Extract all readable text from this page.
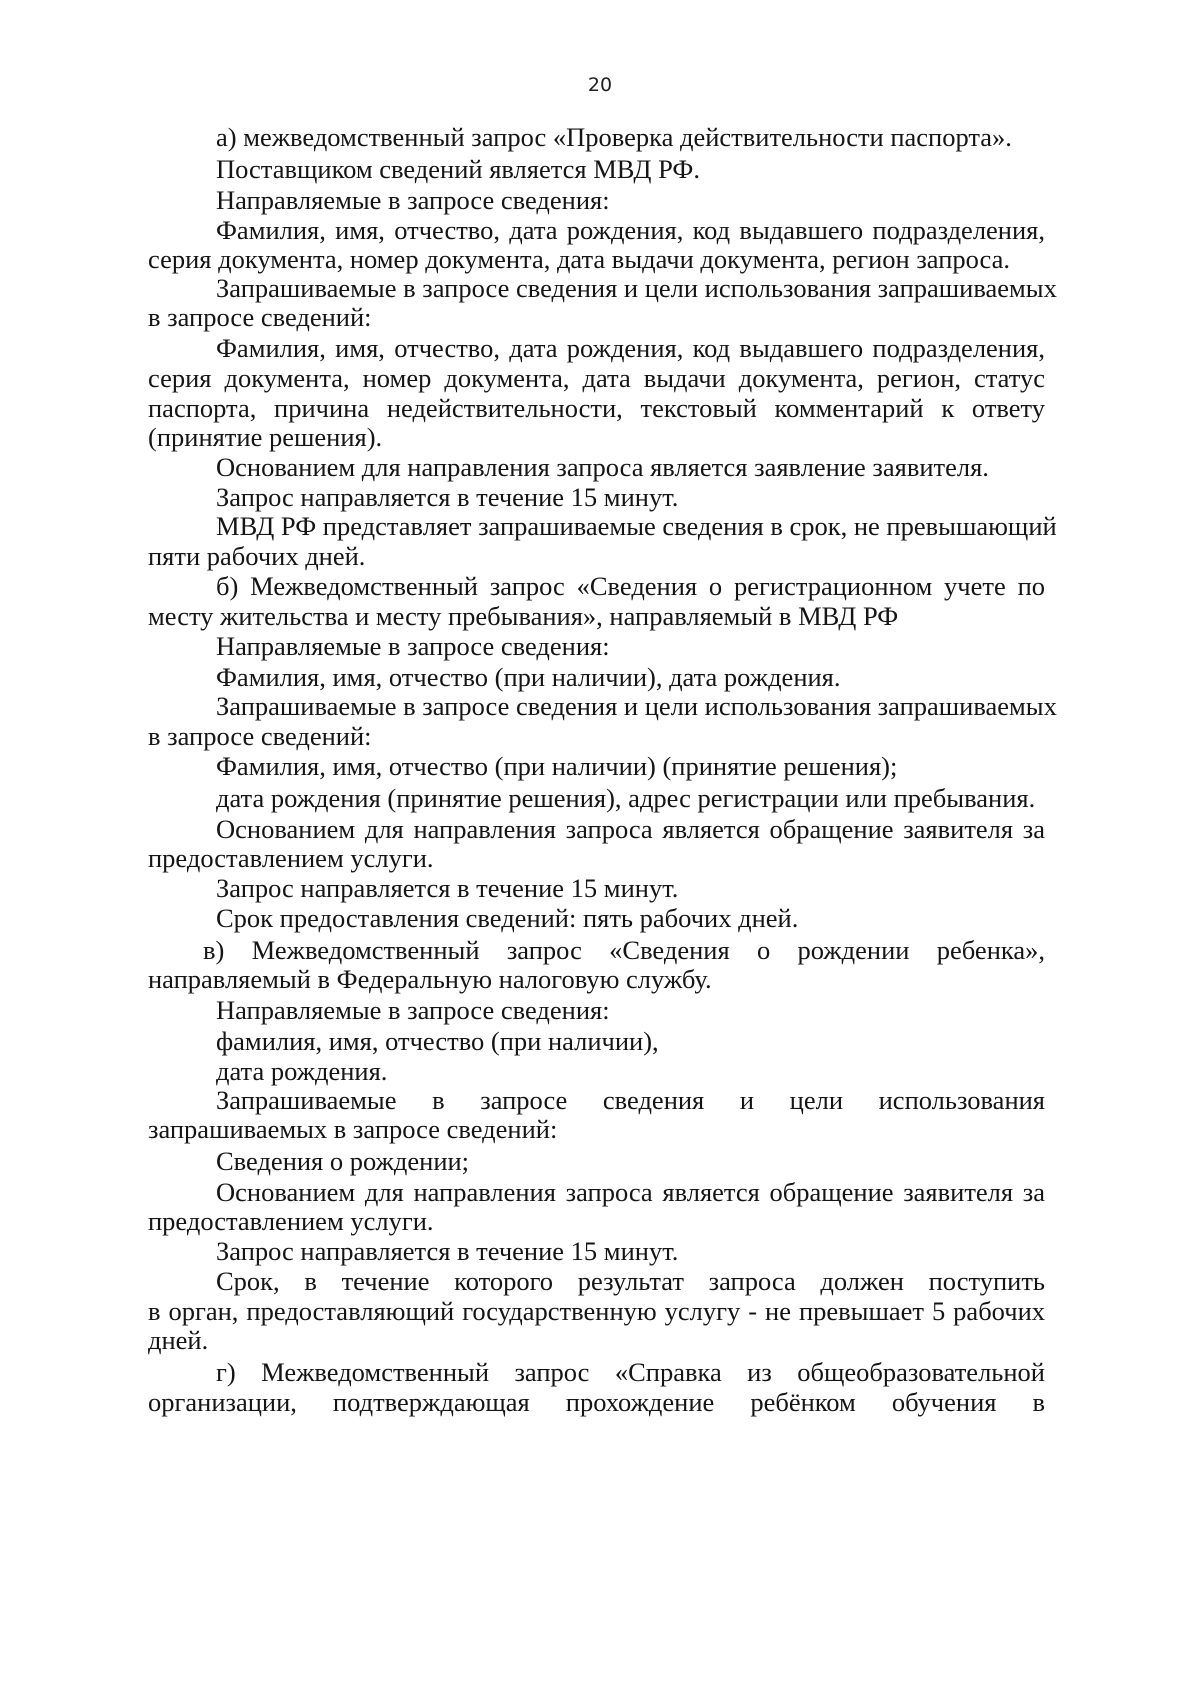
20
а) межведомственный запрос «Проверка действительности паспорта».
Поставщиком сведений является МВД РФ.
Направляемые в запросе сведения:
Фамилия, имя, отчество, дата рождения, код выдавшего подразделения,
серия документа, номер документа, дата выдачи документа, регион запроса.
Запрашиваемые в запросе сведения и цели использования запрашиваемых
в запросе сведений:
Фамилия, имя, отчество, дата рождения, код выдавшего подразделения,
серия документа, номер документа, дата выдачи документа, регион, статус
паспорта, причина недействительности, текстовый комментарий к ответу
(принятие решения).
Основанием для направления запроса является заявление заявителя.
Запрос направляется в течение 15 минут.
МВД РФ представляет запрашиваемые сведения в срок, не превышающий
пяти рабочих дней.
б) Межведомственный запрос «Сведения о регистрационном учете по
месту жительства и месту пребывания», направляемый в МВД РФ
Направляемые в запросе сведения:
Фамилия, имя, отчество (при наличии), дата рождения.
Запрашиваемые в запросе сведения и цели использования запрашиваемых
в запросе сведений:
Фамилия, имя, отчество (при наличии) (принятие решения);
дата рождения (принятие решения), адрес регистрации или пребывания.
Основанием для направления запроса является обращение заявителя за
предоставлением услуги.
Запрос направляется в течение 15 минут.
Срок предоставления сведений: пять рабочих дней.
в) Межведомственный запрос «Сведения о рождении ребенка»,
направляемый в Федеральную налоговую службу.
Направляемые в запросе сведения:
фамилия, имя, отчество (при наличии),
дата рождения.
Запрашиваемые в запросе сведения и цели использования
запрашиваемых в запросе сведений:
Сведения о рождении;
Основанием для направления запроса является обращение заявителя за
предоставлением услуги.
Запрос направляется в течение 15 минут.
Срок, в течение которого результат запроса должен поступить
в орган, предоставляющий государственную услугу - не превышает 5 рабочих
дней.
г) Межведомственный запрос «Справка из общеобразовательной
организации, подтверждающая прохождение ребёнком обучения в
